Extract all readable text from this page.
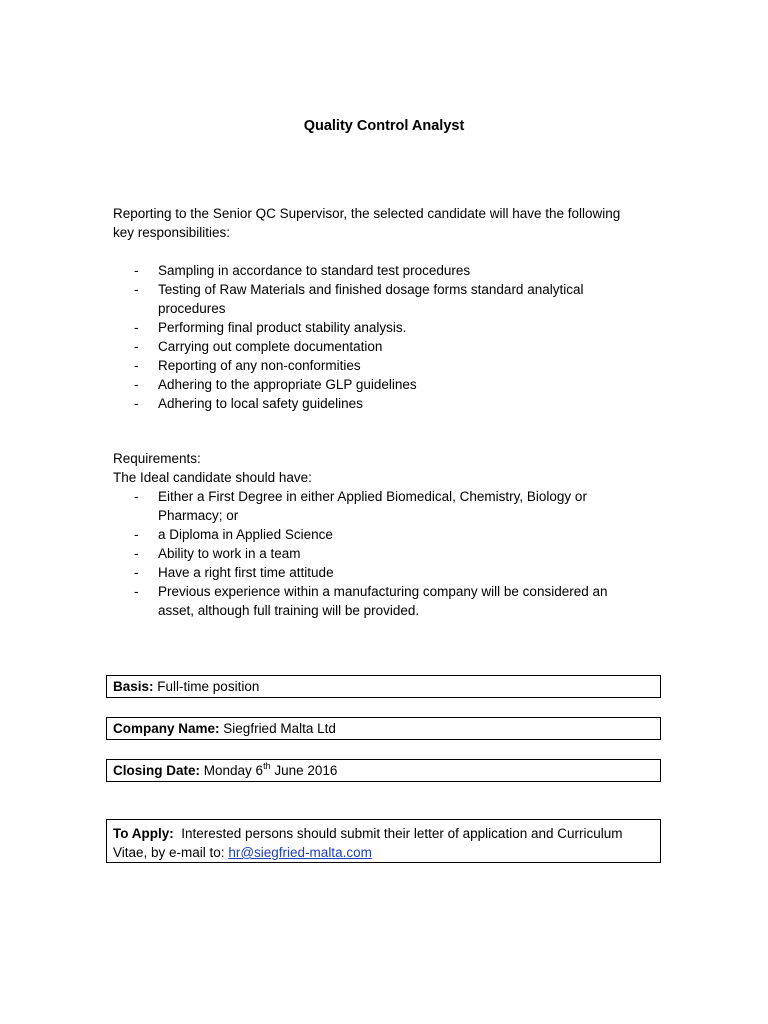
Quality Control Analyst
Reporting to the Senior QC Supervisor, the selected candidate will have the following
key responsibilities:
- Sampling in accordance to standard test procedures
- Testing of Raw Materials and finished dosage forms standard analytical
procedures
- Performing final product stability analysis.
- Carrying out complete documentation
- Reporting of any non-conformities
- Adhering to the appropriate GLP guidelines
- Adhering to local safety guidelines
Requirements:
The Ideal candidate should have:
- Either a First Degree in either Applied Biomedical, Chemistry, Biology or
Pharmacy; or
- a Diploma in Applied Science
- Ability to work in a team
- Have a right first time attitude
- Previous experience within a manufacturing company will be considered an
asset, although full training will be provided.
Basis: Full-time position
Company Name: Siegfried Malta Ltd
Closing Date: Monday 6th June 2016
To Apply: Interested persons should submit their letter of application and Curriculum
Vitae, by e-mail to: hr@siegfried-malta.com
